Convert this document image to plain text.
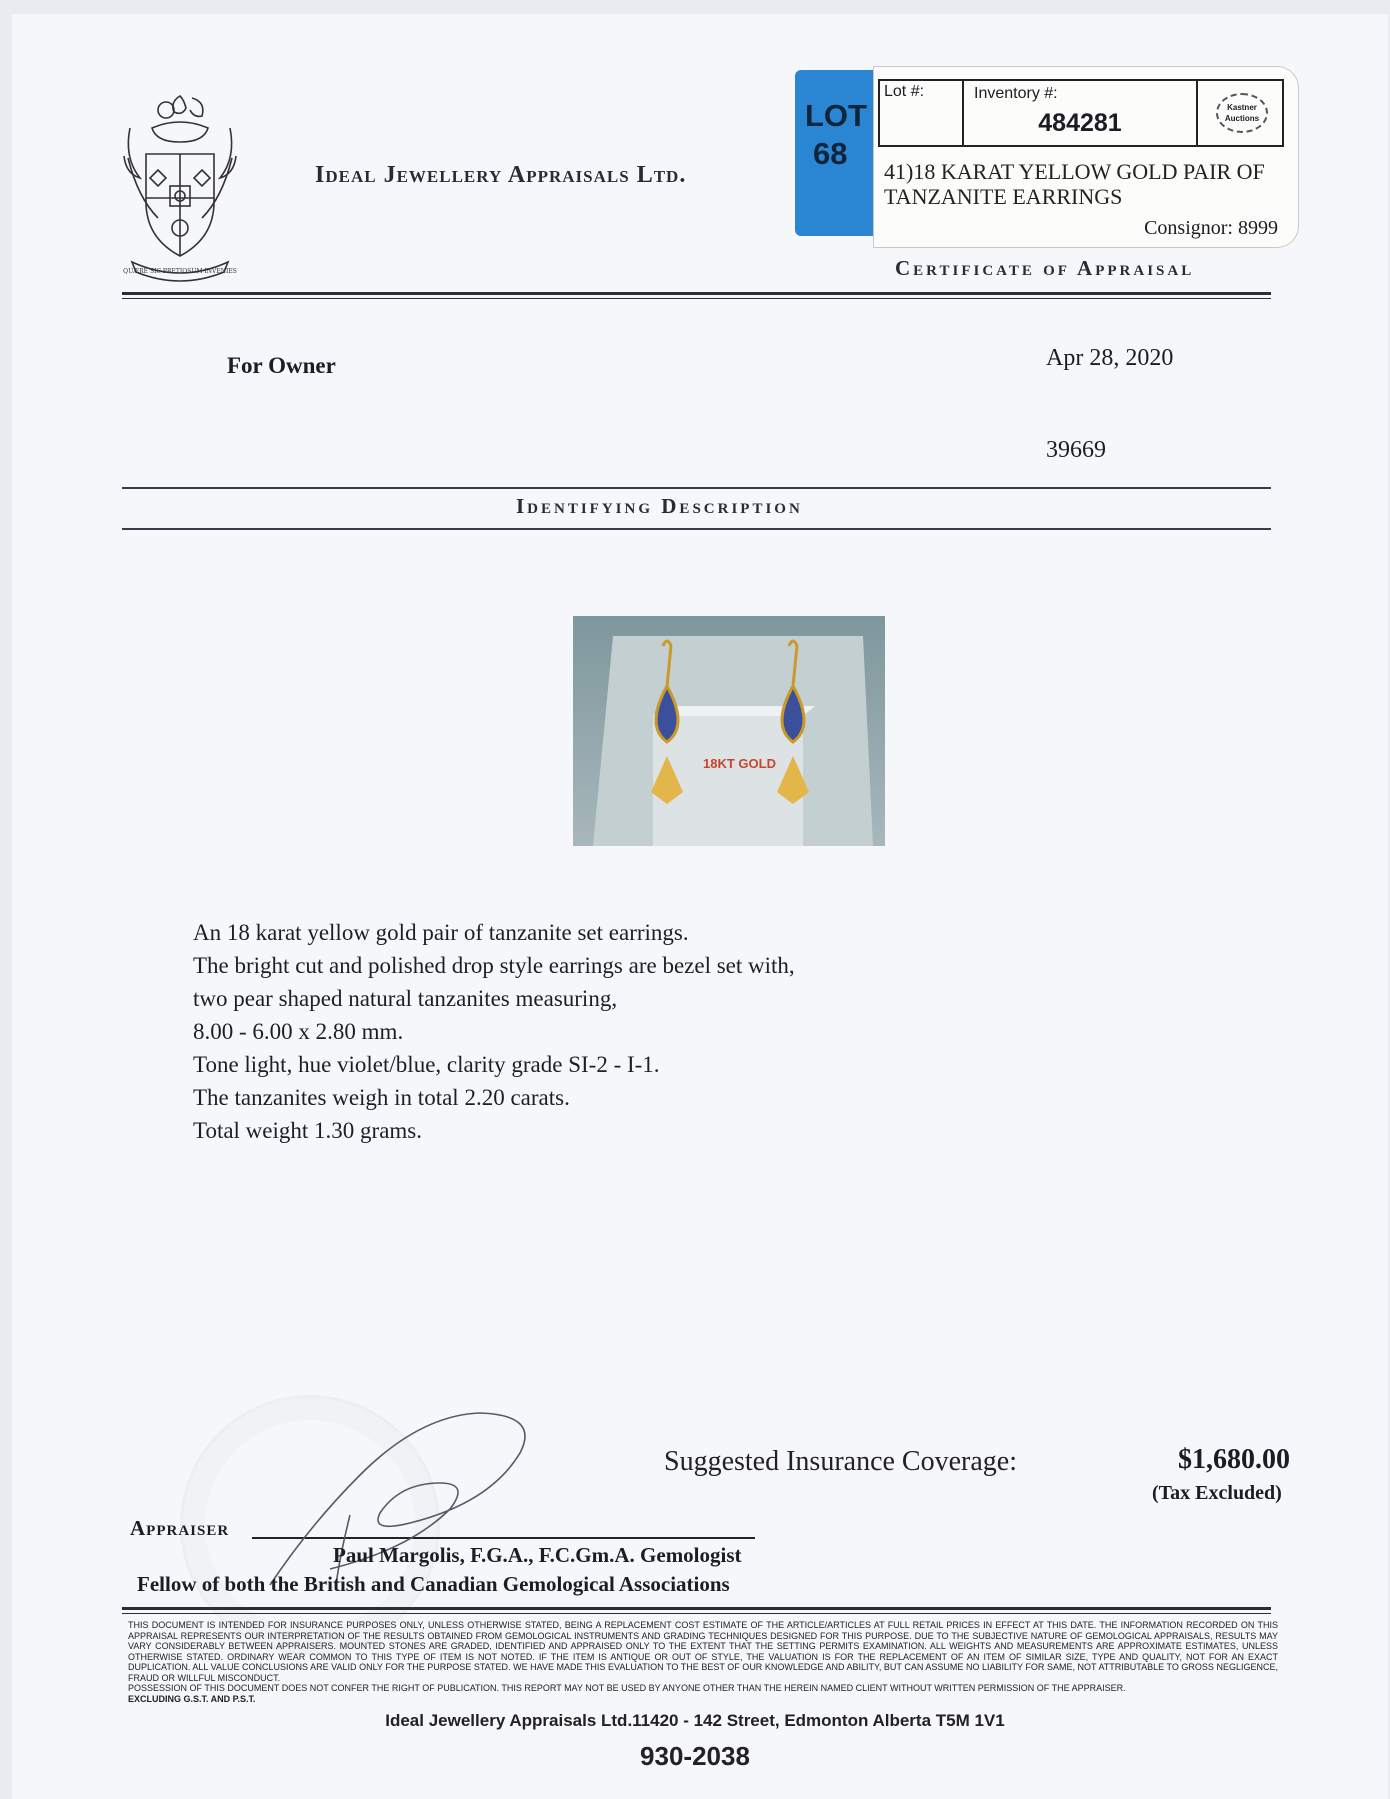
QUÆRE SIC PRETIOSUM INVENIES
Ideal Jewellery Appraisals Ltd.
LOT
68
Lot #:	Inventory #:
484281
Kastner Auctions
41)18 KARAT YELLOW GOLD PAIR OF
TANZANITE EARRINGS
Consignor: 8999
Certificate of Appraisal
For Owner	Apr 28, 2020
39669
Identifying Description
18KT GOLD
An 18 karat yellow gold pair of tanzanite set earrings.
The bright cut and polished drop style earrings are bezel set with,
two pear shaped natural tanzanites measuring,
8.00 - 6.00 x 2.80 mm.
Tone light, hue violet/blue, clarity grade SI-2 - I-1.
The tanzanites weigh in total 2.20 carats.
Total weight 1.30 grams.
Suggested Insurance Coverage:	$1,680.00
(Tax Excluded)
Appraiser
Paul Margolis, F.G.A., F.C.Gm.A. Gemologist
Fellow of both the British and Canadian Gemological Associations
THIS DOCUMENT IS INTENDED FOR INSURANCE PURPOSES ONLY, UNLESS OTHERWISE STATED, BEING A REPLACEMENT COST ESTIMATE OF THE ARTICLE/ARTICLES AT FULL RETAIL PRICES IN EFFECT AT THIS DATE. THE INFORMATION RECORDED ON THIS APPRAISAL REPRESENTS OUR INTERPRETATION OF THE RESULTS OBTAINED FROM GEMOLOGICAL INSTRUMENTS AND GRADING TECHNIQUES DESIGNED FOR THIS PURPOSE. DUE TO THE SUBJECTIVE NATURE OF GEMOLOGICAL APPRAISALS, RESULTS MAY VARY CONSIDERABLY BETWEEN APPRAISERS. MOUNTED STONES ARE GRADED, IDENTIFIED AND APPRAISED ONLY TO THE EXTENT THAT THE SETTING PERMITS EXAMINATION. ALL WEIGHTS AND MEASUREMENTS ARE APPROXIMATE ESTIMATES, UNLESS OTHERWISE STATED. ORDINARY WEAR COMMON TO THIS TYPE OF ITEM IS NOT NOTED. IF THE ITEM IS ANTIQUE OR OUT OF STYLE, THE VALUATION IS FOR THE REPLACEMENT OF AN ITEM OF SIMILAR SIZE, TYPE AND QUALITY, NOT FOR AN EXACT DUPLICATION. ALL VALUE CONCLUSIONS ARE VALID ONLY FOR THE PURPOSE STATED. WE HAVE MADE THIS EVALUATION TO THE BEST OF OUR KNOWLEDGE AND ABILITY, BUT CAN ASSUME NO LIABILITY FOR SAME, NOT ATTRIBUTABLE TO GROSS NEGLIGENCE, FRAUD OR WILLFUL MISCONDUCT.
POSSESSION OF THIS DOCUMENT DOES NOT CONFER THE RIGHT OF PUBLICATION. THIS REPORT MAY NOT BE USED BY ANYONE OTHER THAN THE HEREIN NAMED CLIENT WITHOUT WRITTEN PERMISSION OF THE APPRAISER.
EXCLUDING G.S.T. AND P.S.T.
Ideal Jewellery Appraisals Ltd.11420 - 142 Street, Edmonton Alberta T5M 1V1
930-2038
